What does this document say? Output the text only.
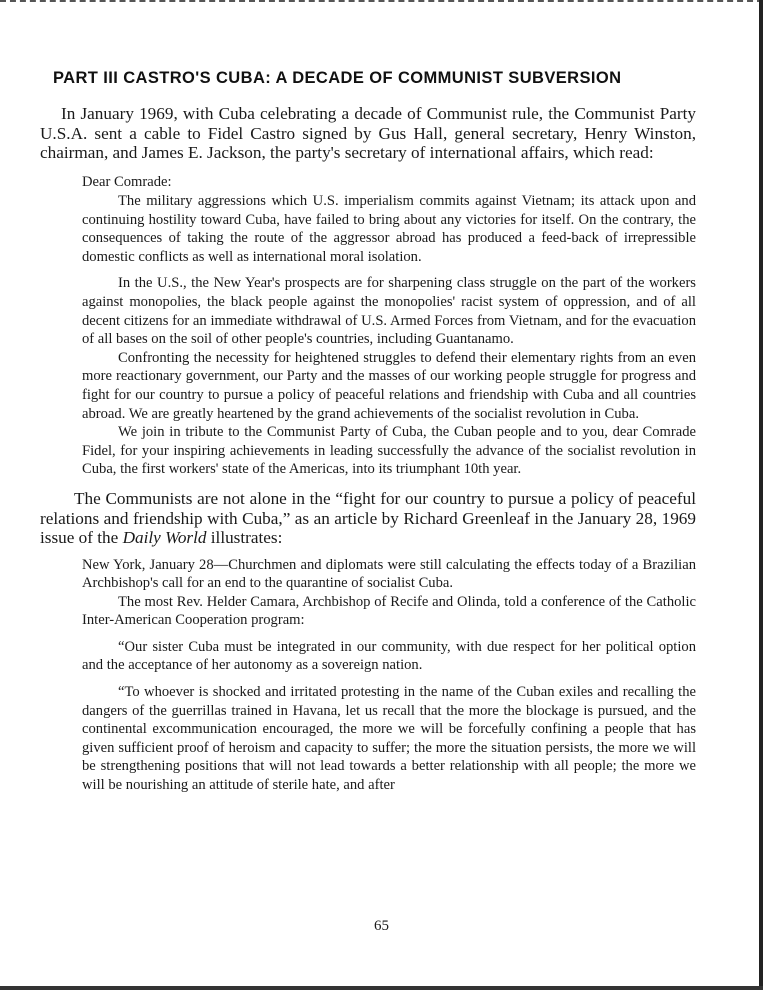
PART III CASTRO'S CUBA: A DECADE OF COMMUNIST SUBVERSION

In January 1969, with Cuba celebrating a decade of Communist rule, the Communist Party U.S.A. sent a cable to Fidel Castro signed by Gus Hall, general secretary, Henry Winston, chairman, and James E. Jackson, the party's secretary of international affairs, which read:

Dear Comrade:

The military aggressions which U.S. imperialism commits against Vietnam; its attack upon and continuing hostility toward Cuba, have failed to bring about any victories for itself. On the contrary, the consequences of taking the route of the aggressor abroad has produced a feed-back of irrepressible domestic conflicts as well as international moral isolation.

In the U.S., the New Year's prospects are for sharpening class struggle on the part of the workers against monopolies, the black people against the monopolies' racist system of oppression, and of all decent citizens for an immediate withdrawal of U.S. Armed Forces from Vietnam, and for the evacuation of all bases on the soil of other people's countries, including Guantanamo.

Confronting the necessity for heightened struggles to defend their elementary rights from an even more reactionary government, our Party and the masses of our working people struggle for progress and fight for our country to pursue a policy of peaceful relations and friendship with Cuba and all countries abroad. We are greatly heartened by the grand achievements of the socialist revolution in Cuba.

We join in tribute to the Communist Party of Cuba, the Cuban people and to you, dear Comrade Fidel, for your inspiring achievements in leading successfully the advance of the socialist revolution in Cuba, the first workers' state of the Americas, into its triumphant 10th year.

The Communists are not alone in the “fight for our country to pursue a policy of peaceful relations and friendship with Cuba,” as an article by Richard Greenleaf in the January 28, 1969 issue of the Daily World illustrates:

New York, January 28—Churchmen and diplomats were still calculating the effects today of a Brazilian Archbishop's call for an end to the quarantine of socialist Cuba.

The most Rev. Helder Camara, Archbishop of Recife and Olinda, told a conference of the Catholic Inter-American Cooperation program:

“Our sister Cuba must be integrated in our community, with due respect for her political option and the acceptance of her autonomy as a sovereign nation.

“To whoever is shocked and irritated protesting in the name of the Cuban exiles and recalling the dangers of the guerrillas trained in Havana, let us recall that the more the blockage is pursued, and the continental excommunication encouraged, the more we will be forcefully confining a people that has given sufficient proof of heroism and capacity to suffer; the more the situation persists, the more we will be strengthening positions that will not lead towards a better relationship with all people; the more we will be nourishing an attitude of sterile hate, and after

65
